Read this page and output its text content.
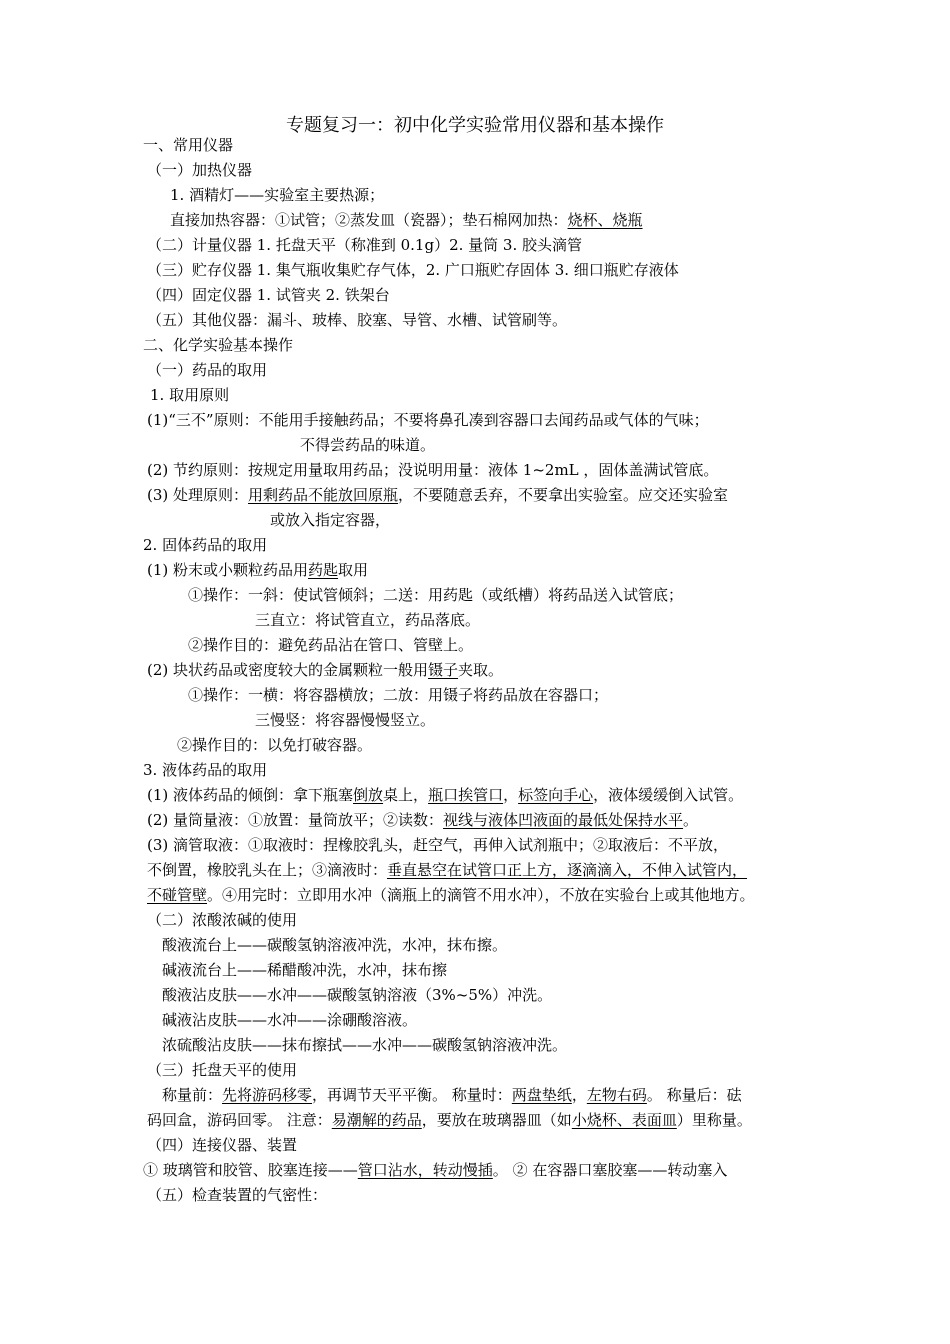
专题复习一：初中化学实验常用仪器和基本操作
一、常用仪器
（一）加热仪器
1. 酒精灯——实验室主要热源；
直接加热容器：①试管；②蒸发皿（瓷器）；垫石棉网加热：烧杯、烧瓶
（二）计量仪器 1. 托盘天平（称准到 0.1g）2. 量筒 3. 胶头滴管
（三）贮存仪器 1. 集气瓶收集贮存气体，2. 广口瓶贮存固体 3. 细口瓶贮存液体
（四）固定仪器 1. 试管夹 2. 铁架台
（五）其他仪器：漏斗、玻棒、胶塞、导管、水槽、试管刷等。
二、化学实验基本操作
（一）药品的取用
1. 取用原则
(1)“三不”原则：不能用手接触药品；不要将鼻孔凑到容器口去闻药品或气体的气味；
不得尝药品的味道。
(2) 节约原则：按规定用量取用药品；没说明用量：液体 1~2mL ，固体盖满试管底。
(3) 处理原则：用剩药品不能放回原瓶，不要随意丢弃，不要拿出实验室。应交还实验室
或放入指定容器，
2. 固体药品的取用
(1) 粉末或小颗粒药品用药匙取用
①操作：一斜：使试管倾斜；二送：用药匙（或纸槽）将药品送入试管底；
三直立：将试管直立，药品落底。
②操作目的：避免药品沾在管口、管壁上。
(2) 块状药品或密度较大的金属颗粒一般用镊子夹取。
①操作：一横：将容器横放；二放：用镊子将药品放在容器口；
三慢竖：将容器慢慢竖立。
②操作目的：以免打破容器。
3. 液体药品的取用
(1) 液体药品的倾倒：拿下瓶塞倒放桌上，瓶口挨管口，标签向手心，液体缓缓倒入试管。
(2) 量筒量液：①放置：量筒放平；②读数：视线与液体凹液面的最低处保持水平。
(3) 滴管取液：①取液时：捏橡胶乳头，赶空气，再伸入试剂瓶中；②取液后：不平放，
不倒置，橡胶乳头在上；③滴液时：垂直悬空在试管口正上方，逐滴滴入，不伸入试管内，
不碰管壁。④用完时：立即用水冲（滴瓶上的滴管不用水冲），不放在实验台上或其他地方。
（二）浓酸浓碱的使用
酸液流台上——碳酸氢钠溶液冲洗，水冲，抹布擦。
碱液流台上——稀醋酸冲洗，水冲，抹布擦
酸液沾皮肤——水冲——碳酸氢钠溶液（3%~5%）冲洗。
碱液沾皮肤——水冲——涂硼酸溶液。
浓硫酸沾皮肤——抹布擦拭——水冲——碳酸氢钠溶液冲洗。
（三）托盘天平的使用
称量前：先将游码移零，再调节天平平衡。 称量时：两盘垫纸，左物右码。 称量后：砝
码回盒，游码回零。 注意：易潮解的药品，要放在玻璃器皿（如小烧杯、表面皿）里称量。
（四）连接仪器、装置
① 玻璃管和胶管、胶塞连接——管口沾水，转动慢插。 ② 在容器口塞胶塞——转动塞入
（五）检查装置的气密性：
